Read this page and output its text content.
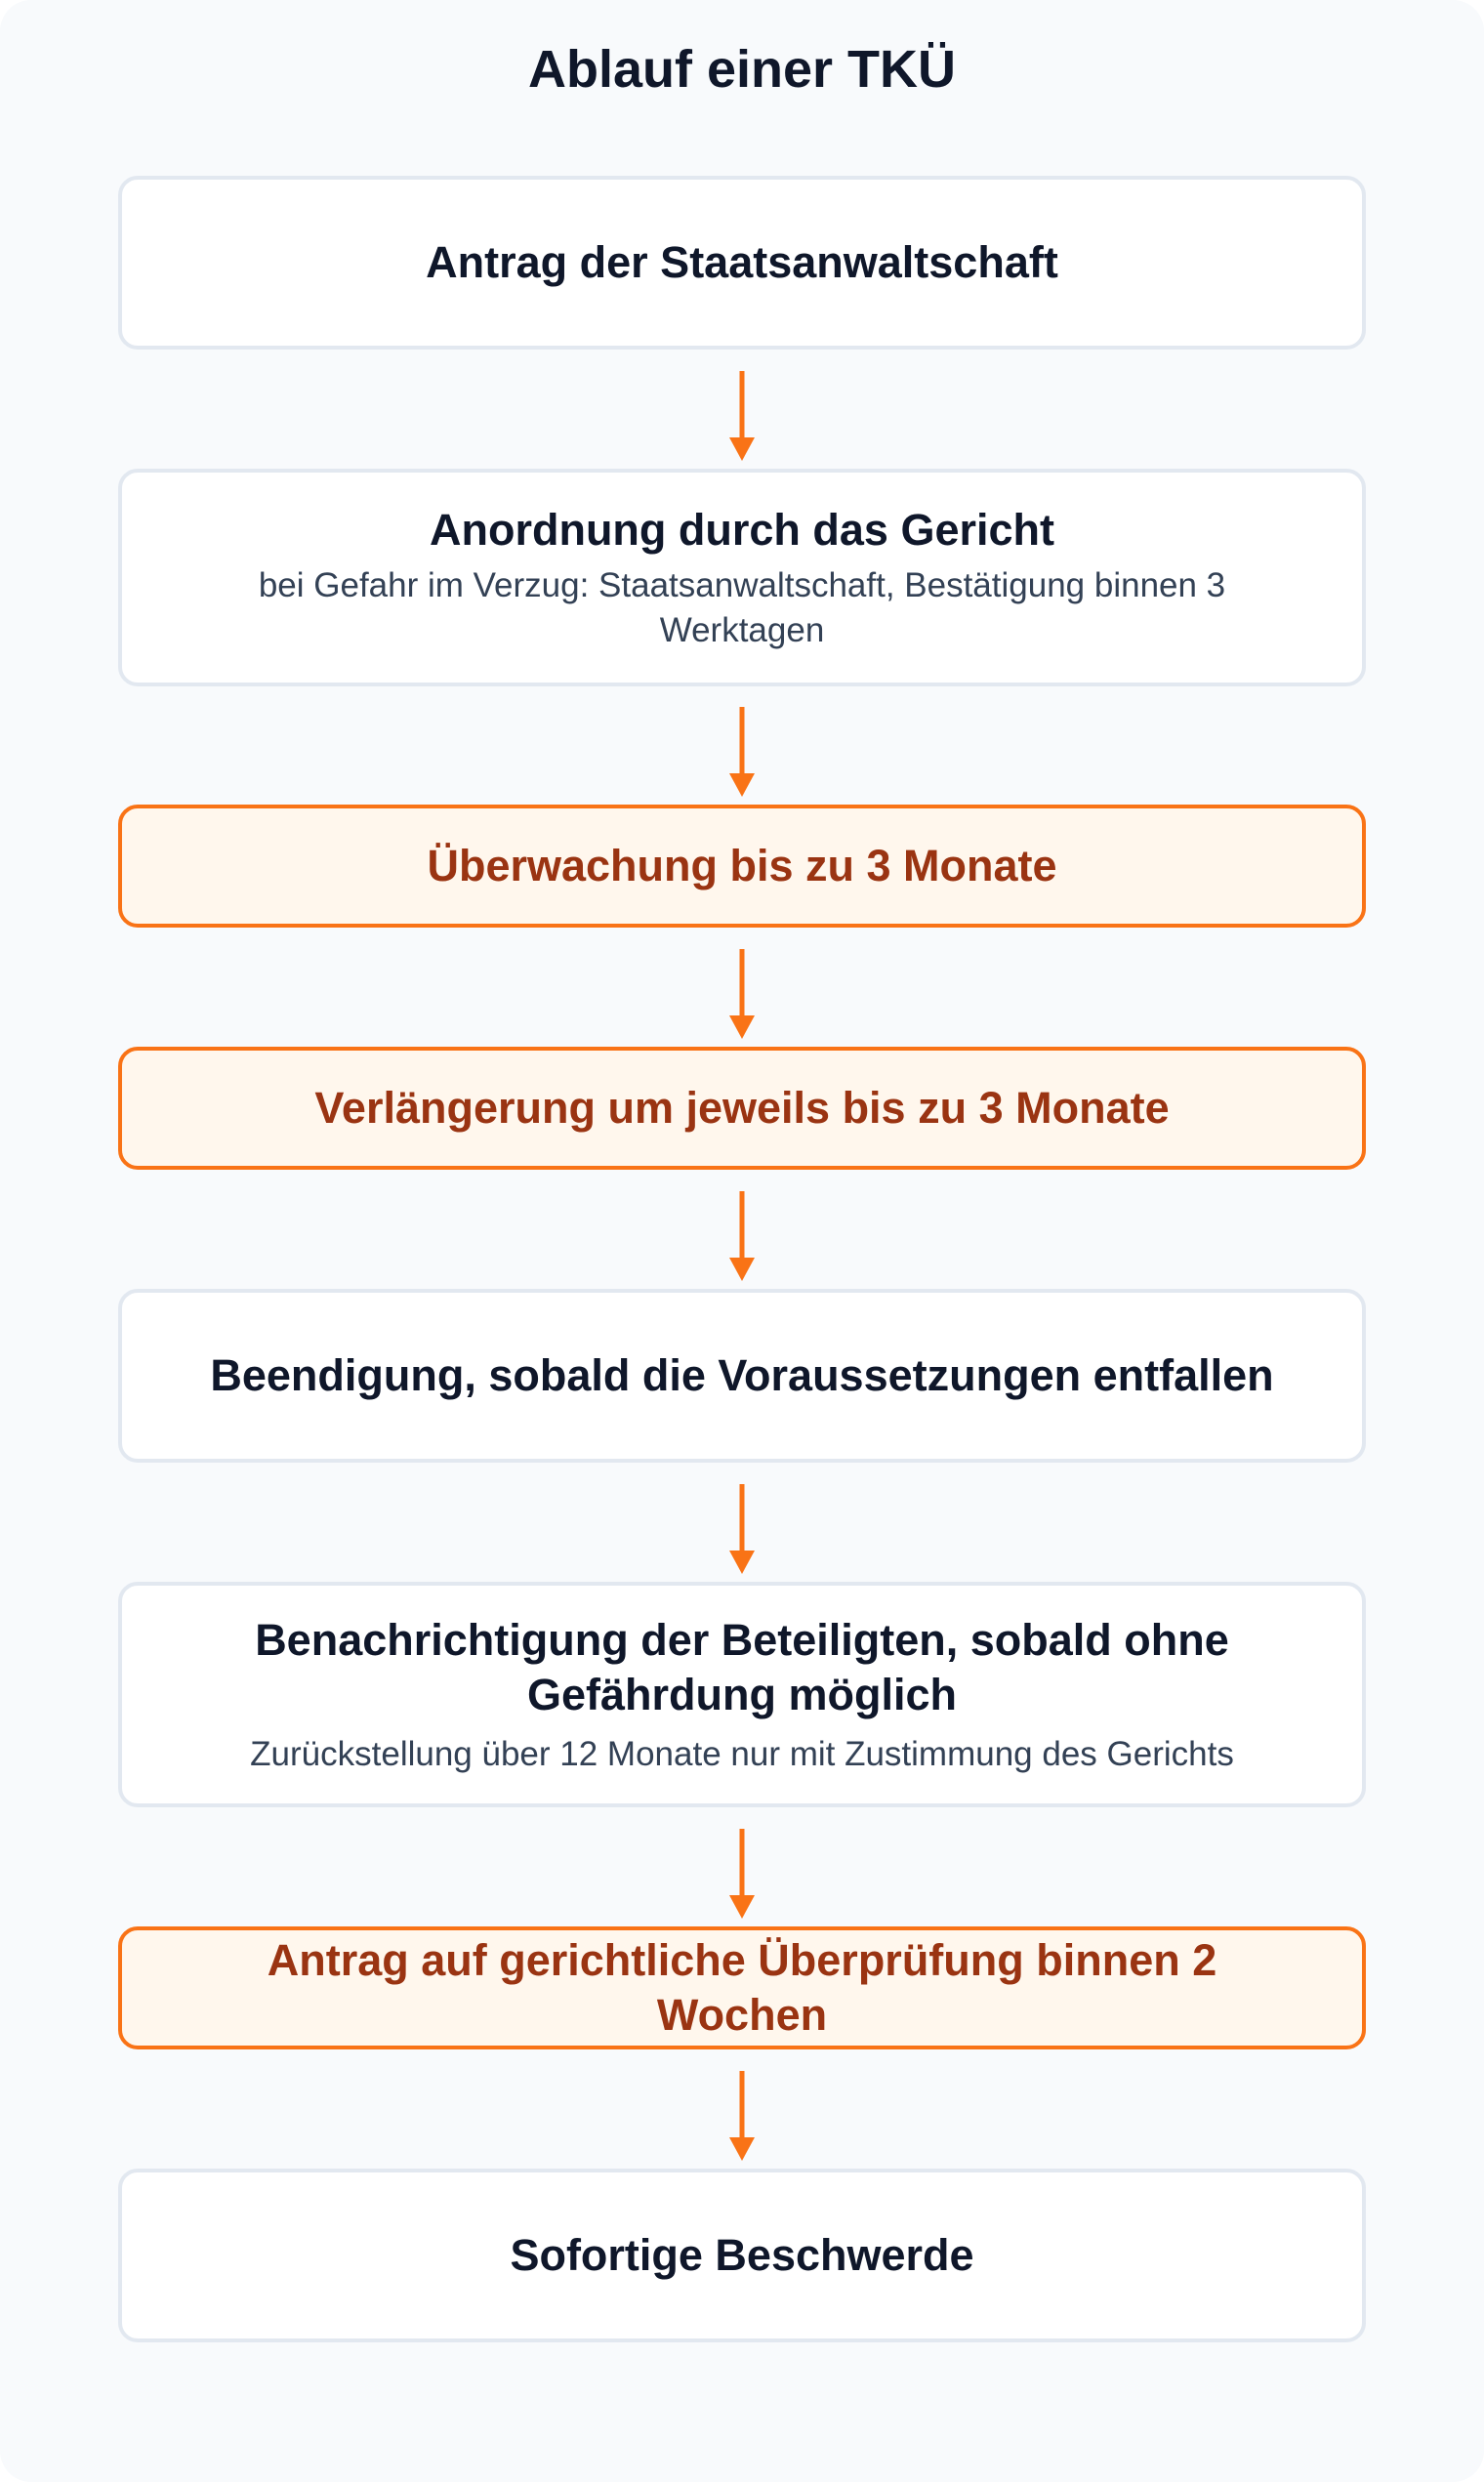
Ablauf einer TKÜ
Antrag der Staatsanwaltschaft
Anordnung durch das Gericht
bei Gefahr im Verzug: Staatsanwaltschaft, Bestätigung binnen 3 Werktagen
Überwachung bis zu 3 Monate
Verlängerung um jeweils bis zu 3 Monate
Beendigung, sobald die Voraussetzungen entfallen
Benachrichtigung der Beteiligten, sobald ohne Gefährdung möglich
Zurückstellung über 12 Monate nur mit Zustimmung des Gerichts
Antrag auf gerichtliche Überprüfung binnen 2 Wochen
Sofortige Beschwerde
